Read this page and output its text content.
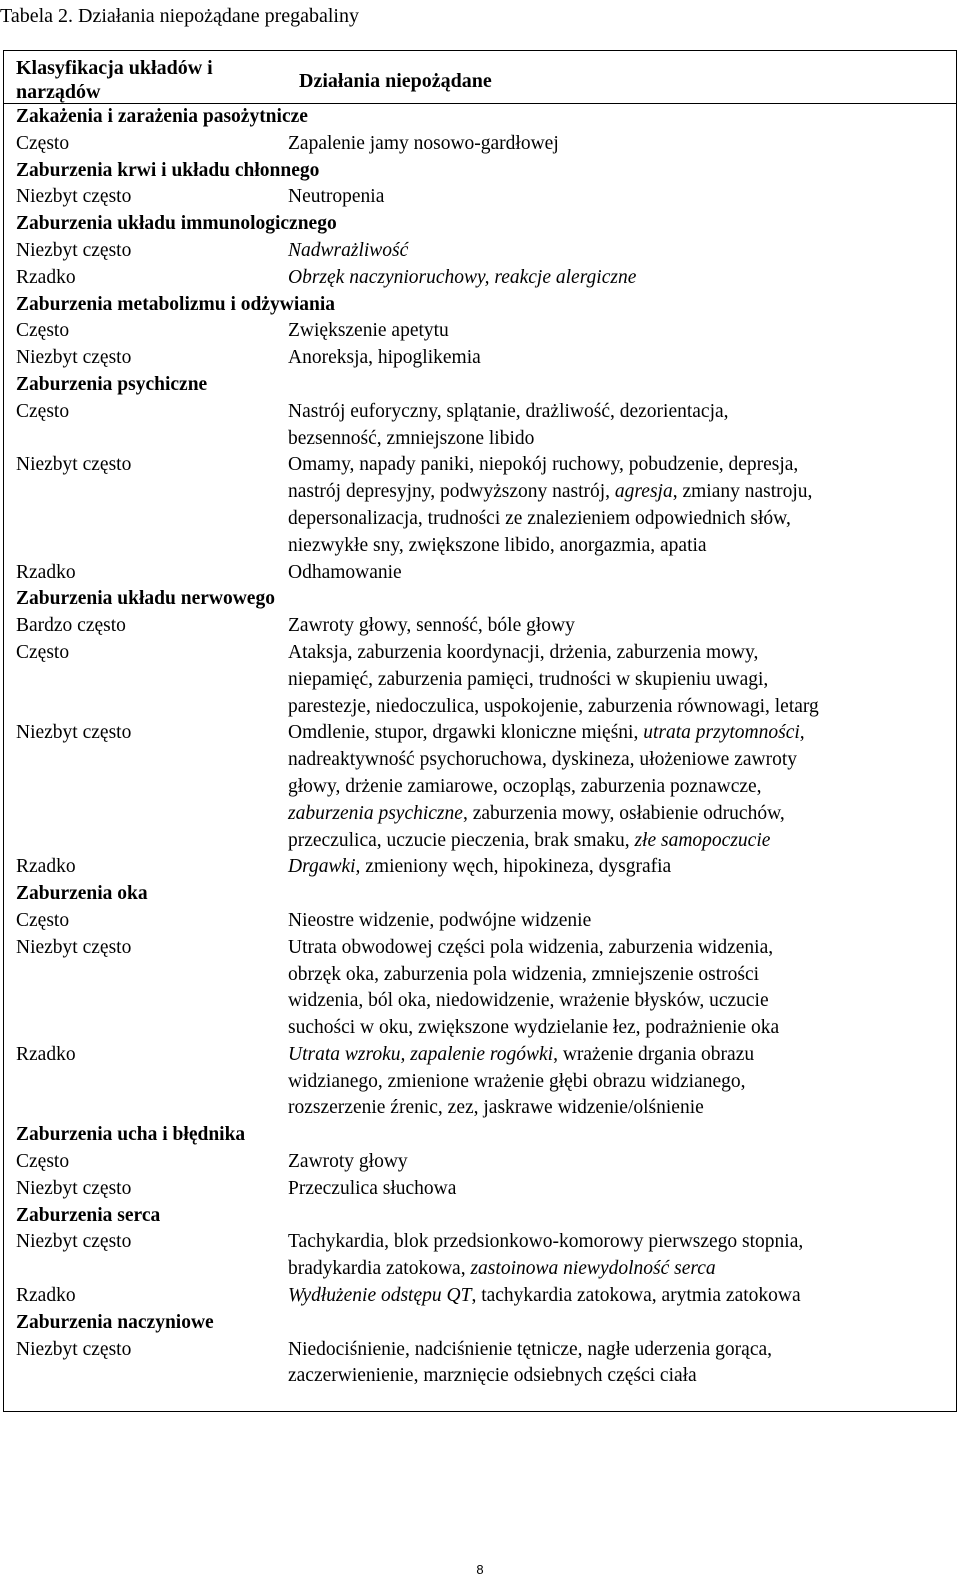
Tabela 2. Działania niepożądane pregabaliny
Klasyfikacja układów i narządów	Działania niepożądane
Zakażenia i zarażenia pasożytnicze
Często	Zapalenie jamy nosowo-gardłowej
Zaburzenia krwi i układu chłonnego
Niezbyt często	Neutropenia
Zaburzenia układu immunologicznego
Niezbyt często	Nadwrażliwość
Rzadko	Obrzęk naczynioruchowy, reakcje alergiczne
Zaburzenia metabolizmu i odżywiania
Często	Zwiększenie apetytu
Niezbyt często	Anoreksja, hipoglikemia
Zaburzenia psychiczne
Często	Nastrój euforyczny, splątanie, drażliwość, dezorientacja,
bezsenność, zmniejszone libido
Niezbyt często	Omamy, napady paniki, niepokój ruchowy, pobudzenie, depresja,
nastrój depresyjny, podwyższony nastrój, agresja, zmiany nastroju,
depersonalizacja, trudności ze znalezieniem odpowiednich słów,
niezwykłe sny, zwiększone libido, anorgazmia, apatia
Rzadko	Odhamowanie
Zaburzenia układu nerwowego
Bardzo często	Zawroty głowy, senność, bóle głowy
Często	Ataksja, zaburzenia koordynacji, drżenia, zaburzenia mowy,
niepamięć, zaburzenia pamięci, trudności w skupieniu uwagi,
parestezje, niedoczulica, uspokojenie, zaburzenia równowagi, letarg
Niezbyt często	Omdlenie, stupor, drgawki kloniczne mięśni, utrata przytomności,
nadreaktywność psychoruchowa, dyskineza, ułożeniowe zawroty
głowy, drżenie zamiarowe, oczopląs, zaburzenia poznawcze,
zaburzenia psychiczne, zaburzenia mowy, osłabienie odruchów,
przeczulica, uczucie pieczenia, brak smaku, złe samopoczucie
Rzadko	Drgawki, zmieniony węch, hipokineza, dysgrafia
Zaburzenia oka
Często	Nieostre widzenie, podwójne widzenie
Niezbyt często	Utrata obwodowej części pola widzenia, zaburzenia widzenia,
obrzęk oka, zaburzenia pola widzenia, zmniejszenie ostrości
widzenia, ból oka, niedowidzenie, wrażenie błysków, uczucie
suchości w oku, zwiększone wydzielanie łez, podrażnienie oka
Rzadko	Utrata wzroku, zapalenie rogówki, wrażenie drgania obrazu
widzianego, zmienione wrażenie głębi obrazu widzianego,
rozszerzenie źrenic, zez, jaskrawe widzenie/olśnienie
Zaburzenia ucha i błędnika
Często	Zawroty głowy
Niezbyt często	Przeczulica słuchowa
Zaburzenia serca
Niezbyt często	Tachykardia, blok przedsionkowo-komorowy pierwszego stopnia,
bradykardia zatokowa, zastoinowa niewydolność serca
Rzadko	Wydłużenie odstępu QT, tachykardia zatokowa, arytmia zatokowa
Zaburzenia naczyniowe
Niezbyt często	Niedociśnienie, nadciśnienie tętnicze, nagłe uderzenia gorąca,
zaczerwienienie, marznięcie odsiebnych części ciała
8
